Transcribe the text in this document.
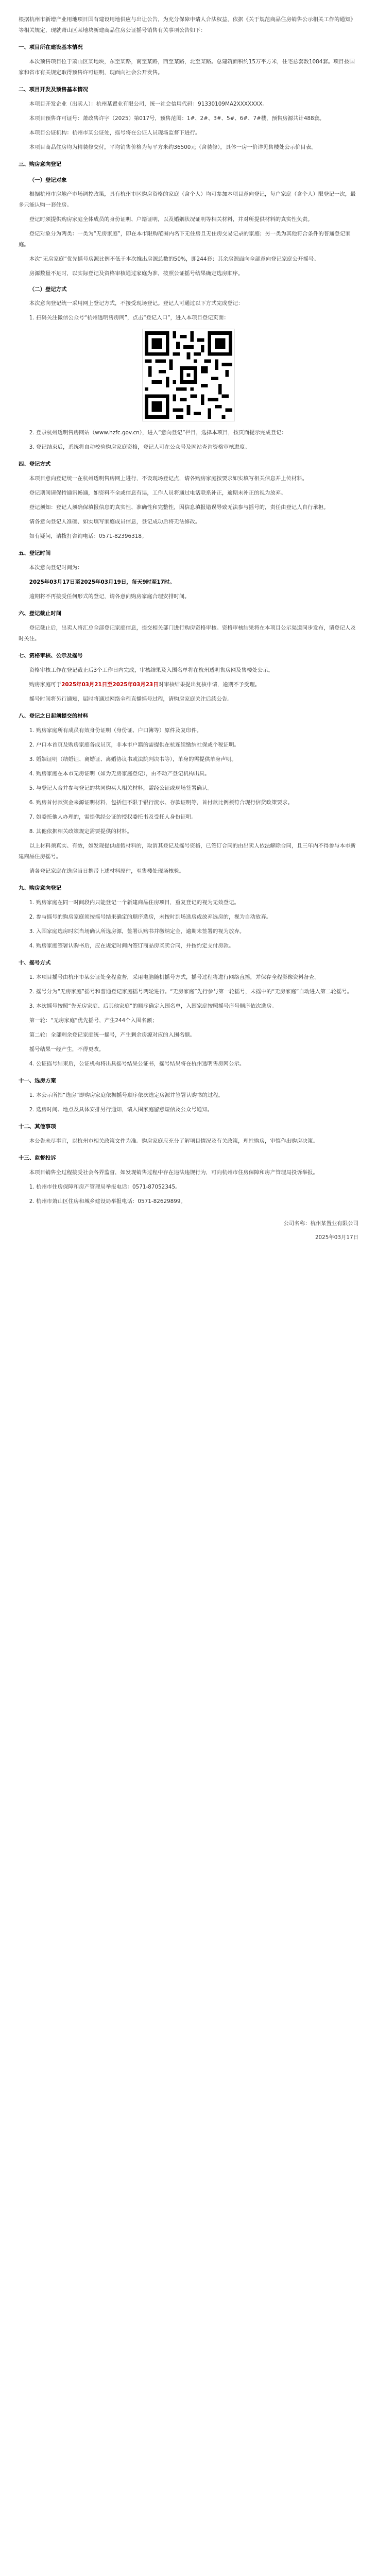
根据杭州市新增产业用地项目国有建设用地供应与出让公告，为充分保障申请人合法权益，依据《关于规范商品住房销售公示相关工作的通知》等相关规定，现就萧山区某地块新建商品住房公证摇号销售有关事项公告如下：

一、项目所在建设基本情况

本次预售项目位于萧山区某地块，东至某路，南至某路，西至某路，北至某路。总建筑面积约15万平方米，住宅总套数1084套。项目按国家和省市有关规定取得预售许可证明，现面向社会公开发售。

二、项目开发及预售基本情况

本项目开发企业（出卖人）：杭州某置业有限公司，统一社会信用代码：91330109MA2XXXXXXX。

本项目预售许可证号：萧政售许字（2025）第017号，预售范围：1#、2#、3#、5#、6#、7#楼，预售房源共计488套。

本项目公证机构：杭州市某公证处，摇号将在公证人员现场监督下进行。

本项目商品住房均为精装修交付，平均销售价格为每平方米约36500元（含装修），具体一房一价详见售楼处公示价目表。

三、购房意向登记
（一）登记对象

根据杭州市房地产市场调控政策，具有杭州市区购房资格的家庭（含个人）均可参加本项目意向登记，每户家庭（含个人）限登记一次，最多只能认购一套住房。

登记时须提供购房家庭全体成员的身份证明、户籍证明，以及婚姻状况证明等相关材料，并对所提供材料的真实性负责。

登记对象分为两类：一类为“无房家庭”，即在本市限购范围内名下无住房且无住房交易记录的家庭；另一类为其他符合条件的普通登记家庭。

本次“无房家庭”优先摇号房源比例不低于本次推出房源总数的50%，即244套；其余房源面向全部意向登记家庭公开摇号。

房源数量不足时，以实际登记及资格审核通过家庭为准，按照公证摇号结果确定选房顺序。

（二）登记方式

本次意向登记统一采用网上登记方式，不接受现场登记。登记人可通过以下方式完成登记：

1. 扫码关注微信公众号“杭州透明售房网”，点击“登记入口”，进入本项目登记页面：

2. 登录杭州透明售房网站（www.hzfc.gov.cn），进入“意向登记”栏目，选择本项目，按页面提示完成登记：

3. 登记结束后，系统将自动校验购房家庭资格，登记人可在公众号及网站查询资格审核进度。

四、登记方式

本项目意向登记统一在杭州透明售房网上进行，不设现场登记点，请各购房家庭按要求如实填写相关信息并上传材料。

登记期间请保持通讯畅通，如资料不全或信息有误，工作人员将通过电话联系补正，逾期未补正的视为放弃。

登记须知：登记人须确保填报信息的真实性、准确性和完整性，因信息填报错误导致无法参与摇号的，责任由登记人自行承担。

请各意向登记人准确、如实填写家庭成员信息，登记成功后将无法修改。

如有疑问，请拨打咨询电话：0571-82396318。

五、登记时间

本次意向登记时间为：

2025年03月17日至2025年03月19日，每天9时至17时。

逾期将不再接受任何形式的登记，请各意向购房家庭合理安排时间。

六、登记截止时间

登记截止后，出卖人将汇总全部登记家庭信息，提交相关部门进行购房资格审核。资格审核结果将在本项目公示渠道同步发布，请登记人及时关注。

七、资格审核、公示及摇号

资格审核工作在登记截止后3个工作日内完成，审核结果及入围名单将在杭州透明售房网及售楼处公示。

购房家庭可于2025年03月21日至2025年03月23日对审核结果提出复核申请，逾期不予受理。

摇号时间将另行通知，届时将通过网络全程直播摇号过程，请购房家庭关注后续公告。

八、登记之日起须提交的材料

1. 购房家庭所有成员有效身份证明（身份证、户口簿等）原件及复印件。

2. 户口本首页及购房家庭各成员页，非本市户籍的需提供在杭连续缴纳社保或个税证明。

3. 婚姻证明（结婚证、离婚证、离婚协议书或法院判决书等），单身的需提供单身声明。

4. 购房家庭在本市无房证明（如为无房家庭登记），由不动产登记机构出具。

5. 与登记人合并参与登记的共同购买人相关材料，需经公证或现场签署确认。

6. 购房首付款资金来源证明材料，包括但不限于银行流水、存款证明等，首付款比例须符合现行信贷政策要求。

7. 如委托他人办理的，需提供经公证的授权委托书及受托人身份证明。

8. 其他依据相关政策规定需要提供的材料。

以上材料须真实、有效，如发现提供虚假材料的，取消其登记及摇号资格，已签订合同的由出卖人依法解除合同，且三年内不得参与本市新建商品住房摇号。

请各登记家庭在选房当日携带上述材料原件，至售楼处现场核验。

九、购房意向登记

1. 购房家庭在同一时间段内只能登记一个新建商品住房项目，重复登记的视为无效登记。

2. 参与摇号的购房家庭须按摇号结果确定的顺序选房，未按时到场选房或放弃选房的，视为自动放弃。

3. 入围家庭选房时须当场确认所选房源，签署认购书并缴纳定金，逾期未签署的视为放弃。

4. 购房家庭签署认购书后，应在规定时间内签订商品房买卖合同，并按约定支付房款。

十、摇号方式

1. 本项目摇号由杭州市某公证处全程监督，采用电脑随机摇号方式，摇号过程将进行网络直播，并保存全程影像资料备查。

2. 摇号分为“无房家庭”摇号和普通登记家庭摇号两轮进行。“无房家庭”先行参与第一轮摇号，未摇中的“无房家庭”自动进入第二轮摇号。

3. 本次摇号按照“先无房家庭、后其他家庭”的顺序确定入围名单，入围家庭按照摇号序号顺序依次选房。

第一轮：“无房家庭”优先摇号，产生244个入围名额；

第二轮：全部剩余登记家庭统一摇号，产生剩余房源对应的入围名额。

摇号结果一经产生，不得更改。

4. 公证摇号结束后，公证机构将出具摇号结果公证书，摇号结果将在杭州透明售房网公示。

十一、选房方案

1. 本公示所指“选房”即购房家庭依据摇号顺序依次选定房源并签署认购书的过程。

2. 选房时间、地点及具体安排另行通知，请入围家庭留意短信及公众号通知。

十二、其他事项

本公告未尽事宜，以杭州市相关政策文件为准。购房家庭应充分了解项目情况及有关政策，理性购房，审慎作出购房决策。

十三、监督投诉

本项目销售全过程接受社会各界监督，如发现销售过程中存在违法违规行为，可向杭州市住房保障和房产管理局投诉举报。

1. 杭州市住房保障和房产管理局举报电话：0571-87052345。

2. 杭州市萧山区住房和城乡建设局举报电话：0571-82629899。

公司名称：杭州某置业有限公司

2025年03月17日
